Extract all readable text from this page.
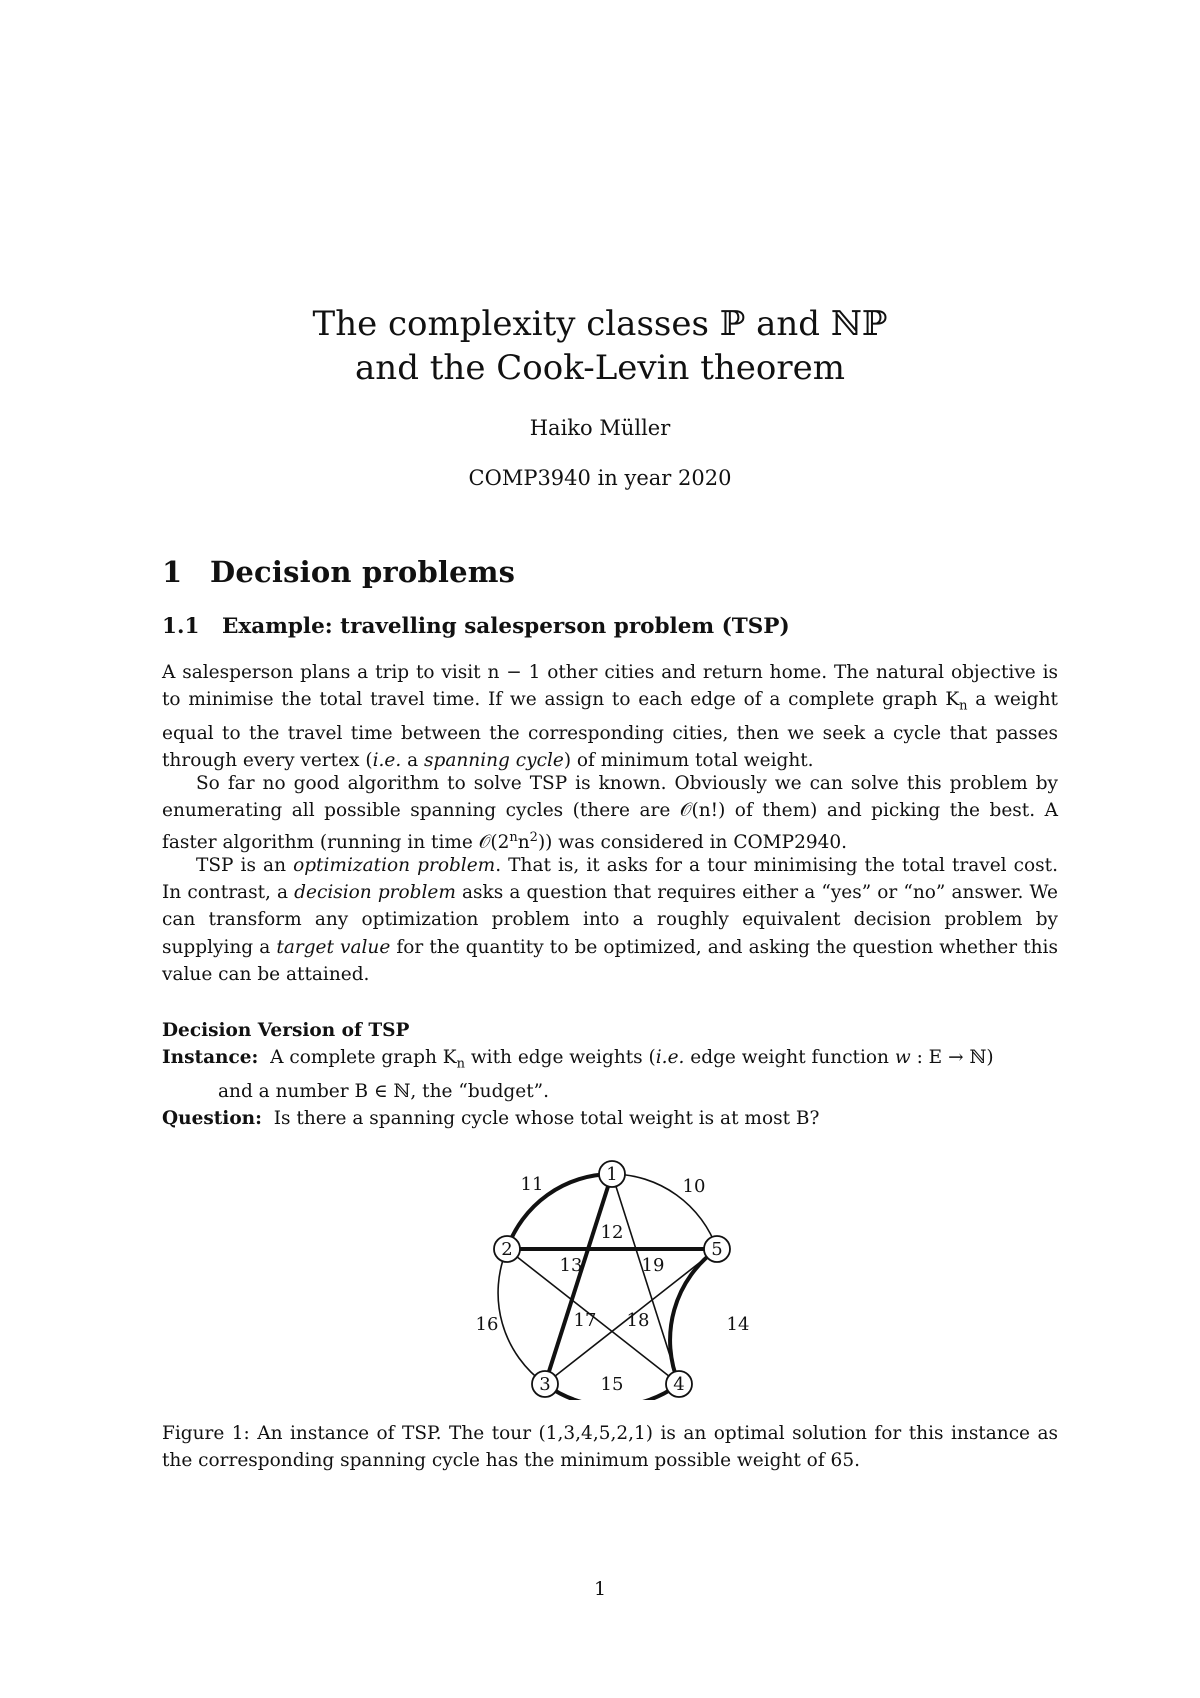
The complexity classes ℙ and ℕℙ
and the Cook-Levin theorem
Haiko Müller
COMP3940 in year 2020
1 Decision problems
1.1 Example: travelling salesperson problem (TSP)

A salesperson plans a trip to visit n − 1 other cities and return home. The natural objective is to minimise the total travel time. If we assign to each edge of a complete graph $K_n$ a weight equal to the travel time between the corresponding cities, then we seek a cycle that passes through every vertex (i.e. a spanning cycle) of minimum total weight.

So far no good algorithm to solve TSP is known. Obviously we can solve this problem by enumerating all possible spanning cycles (there are 𝒪(n!) of them) and picking the best. A faster algorithm (running in time $𝒪(2^nn^2)$) was considered in COMP2940.

TSP is an optimization problem. That is, it asks for a tour minimising the total travel cost. In contrast, a decision problem asks a question that requires either a “yes” or “no” answer. We can transform any optimization problem into a roughly equivalent decision problem by supplying a target value for the quantity to be optimized, and asking the question whether this value can be attained.

Decision Version of TSP
Instance: A complete graph $K_n$ with edge weights (i.e. edge weight function w : E → ℕ)
and a number B ∈ ℕ, the “budget”.
Question: Is there a spanning cycle whose total weight is at most B?
11	10
12
13	19
16	17 18	14
15
1
2
3	4
5

Figure 1: An instance of TSP. The tour (1,3,4,5,2,1) is an optimal solution for this instance as the corresponding spanning cycle has the minimum possible weight of 65.

1
